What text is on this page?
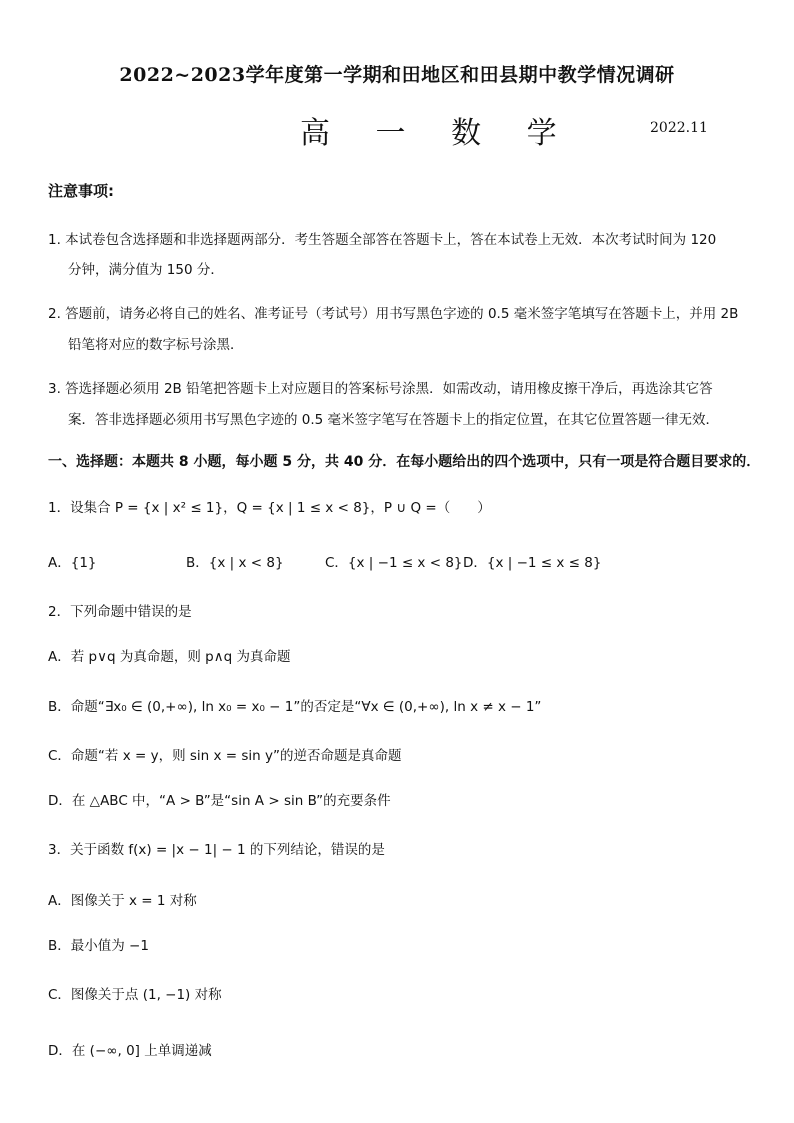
2022~2023学年度第一学期和田地区和田县期中教学情况调研
高 一 数 学	2022.11
注意事项:
1. 本试卷包含选择题和非选择题两部分．考生答题全部答在答题卡上，答在本试卷上无效．本次考试时间为 120
分钟，满分值为 150 分．
2. 答题前，请务必将自己的姓名、准考证号（考试号）用书写黑色字迹的 0.5 毫米签字笔填写在答题卡上，并用 2B
铅笔将对应的数字标号涂黑．
3. 答选择题必须用 2B 铅笔把答题卡上对应题目的答案标号涂黑．如需改动，请用橡皮擦干净后，再选涂其它答
案．答非选择题必须用书写黑色字迹的 0.5 毫米签字笔写在答题卡上的指定位置，在其它位置答题一律无效．
一、选择题：本题共 8 小题，每小题 5 分，共 40 分．在每小题给出的四个选项中，只有一项是符合题目要求的．
1．设集合 P = {x | x² ≤ 1}，Q = {x | 1 ≤ x < 8}，P ∪ Q =（　　）
A．{1}	B．{x | x < 8}	C．{x | −1 ≤ x < 8} D．{x | −1 ≤ x ≤ 8}
2．下列命题中错误的是
A．若 p∨q 为真命题，则 p∧q 为真命题
B．命题“∃x₀ ∈ (0,+∞), ln x₀ = x₀ − 1”的否定是“∀x ∈ (0,+∞), ln x ≠ x − 1”
C．命题“若 x = y，则 sin x = sin y”的逆否命题是真命题
D．在 △ABC 中，“A > B”是“sin A > sin B”的充要条件
3．关于函数 f(x) = |x − 1| − 1 的下列结论，错误的是
A．图像关于 x = 1 对称
B．最小值为 −1
C．图像关于点 (1, −1) 对称
D．在 (−∞, 0] 上单调递减
